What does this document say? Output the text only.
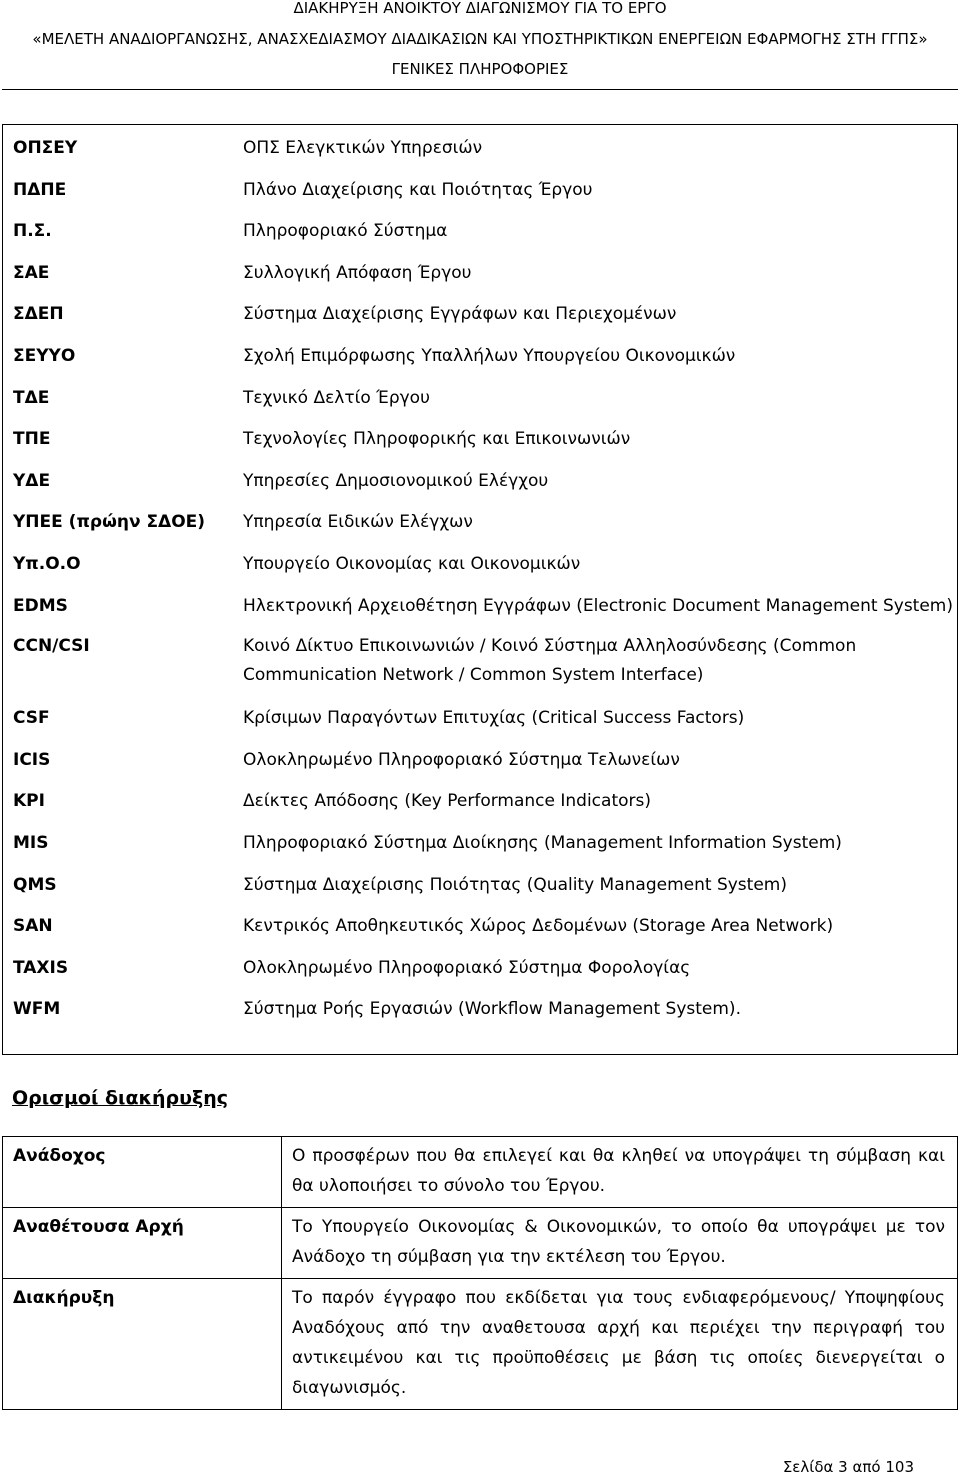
ΔΙΑΚΗΡΥΞΗ ΑΝΟΙΚΤΟΥ ΔΙΑΓΩΝΙΣΜΟΥ ΓΙΑ ΤΟ ΕΡΓΟ
«ΜΕΛΕΤΗ ΑΝΑΔΙΟΡΓΑΝΩΣΗΣ, ΑΝΑΣΧΕΔΙΑΣΜΟΥ ΔΙΑΔΙΚΑΣΙΩΝ ΚΑΙ ΥΠΟΣΤΗΡΙΚΤΙΚΩΝ ΕΝΕΡΓΕΙΩΝ ΕΦΑΡΜΟΓΗΣ ΣΤΗ ΓΓΠΣ»
ΓΕΝΙΚΕΣ ΠΛΗΡΟΦΟΡΙΕΣ
ΟΠΣΕΥ	ΟΠΣ Ελεγκτικών Υπηρεσιών

ΠΔΠΕ	Πλάνο Διαχείρισης και Ποιότητας Έργου

Π.Σ.	Πληροφοριακό Σύστημα

ΣΑΕ	Συλλογική Απόφαση Έργου

ΣΔΕΠ	Σύστημα Διαχείρισης Εγγράφων και Περιεχομένων

ΣΕΥΥΟ	Σχολή Επιμόρφωσης Υπαλλήλων Υπουργείου Οικονομικών

ΤΔΕ	Τεχνικό Δελτίο Έργου

ΤΠΕ	Τεχνολογίες Πληροφορικής και Επικοινωνιών

ΥΔΕ	Υπηρεσίες Δημοσιονομικού Ελέγχου

ΥΠΕΕ (πρώην ΣΔΟΕ)	Υπηρεσία Ειδικών Ελέγχων

Υπ.Ο.Ο	Υπουργείο Οικονομίας και Οικονομικών

EDMS	Ηλεκτρονική Αρχειοθέτηση Εγγράφων (Electronic Document Management System)

CCN/CSI	Κοινό Δίκτυο Επικοινωνιών / Κοινό Σύστημα Αλληλοσύνδεσης (Common Communication Network / Common System Interface)

CSF	Κρίσιμων Παραγόντων Επιτυχίας (Critical Success Factors)

ICIS	Ολοκληρωμένο Πληροφοριακό Σύστημα Τελωνείων

KPI	Δείκτες Απόδοσης (Key Performance Indicators)

MIS	Πληροφοριακό Σύστημα Διοίκησης (Management Information System)

QMS	Σύστημα Διαχείρισης Ποιότητας (Quality Management System)

SAN	Κεντρικός Αποθηκευτικός Χώρος Δεδομένων (Storage Area Network)

TAXIS	Ολοκληρωμένο Πληροφοριακό Σύστημα Φορολογίας

WFM	Σύστημα Ροής Εργασιών (Workflow Management System).
Ορισμοί διακήρυξης
Ανάδοχος	Ο προσφέρων που θα επιλεγεί και θα κληθεί να υπογράψει τη σύμβαση και θα υλοποιήσει το σύνολο του Έργου.
Αναθέτουσα Αρχή	Το Υπουργείο Οικονομίας & Οικονομικών, το οποίο θα υπογράψει με τον Ανάδοχο τη σύμβαση για την εκτέλεση του Έργου.
Διακήρυξη	Το παρόν έγγραφο που εκδίδεται για τους ενδιαφερόμενους/ Υποψηφίους Αναδόχους από την αναθετουσα αρχή και περιέχει την περιγραφή του αντικειμένου και τις προϋποθέσεις με βάση τις οποίες διενεργείται ο διαγωνισμός.
Σελίδα 3 από 103
